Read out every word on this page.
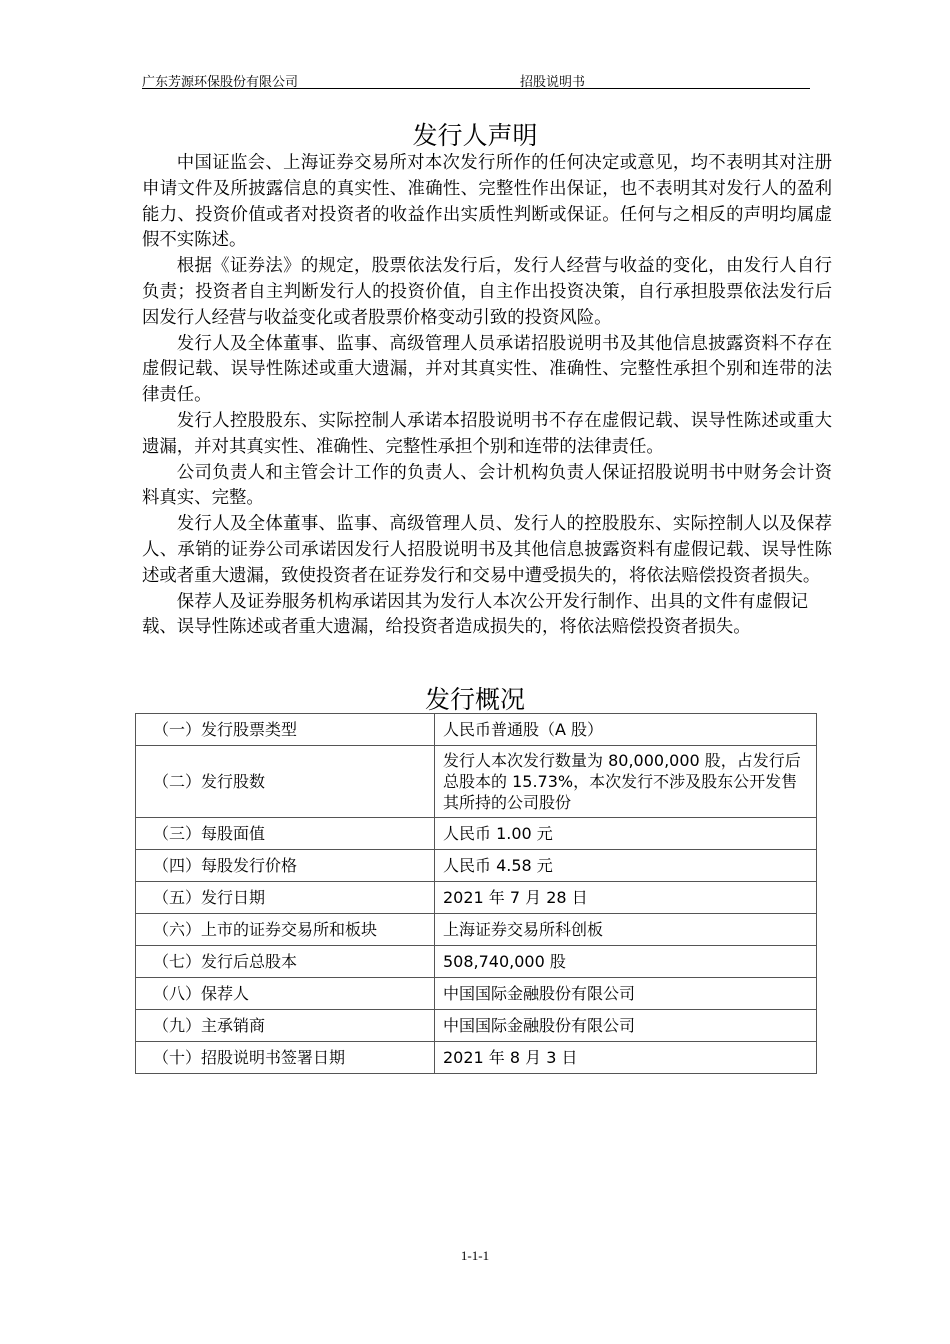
广东芳源环保股份有限公司	招股说明书
发行人声明

中国证监会、上海证券交易所对本次发行所作的任何决定或意见，均不表明其对注册申请文件及所披露信息的真实性、准确性、完整性作出保证，也不表明其对发行人的盈利能力、投资价值或者对投资者的收益作出实质性判断或保证。任何与之相反的声明均属虚假不实陈述。

根据《证券法》的规定，股票依法发行后，发行人经营与收益的变化，由发行人自行负责；投资者自主判断发行人的投资价值，自主作出投资决策，自行承担股票依法发行后因发行人经营与收益变化或者股票价格变动引致的投资风险。

发行人及全体董事、监事、高级管理人员承诺招股说明书及其他信息披露资料不存在虚假记载、误导性陈述或重大遗漏，并对其真实性、准确性、完整性承担个别和连带的法律责任。

发行人控股股东、实际控制人承诺本招股说明书不存在虚假记载、误导性陈述或重大遗漏，并对其真实性、准确性、完整性承担个别和连带的法律责任。

公司负责人和主管会计工作的负责人、会计机构负责人保证招股说明书中财务会计资料真实、完整。

发行人及全体董事、监事、高级管理人员、发行人的控股股东、实际控制人以及保荐人、承销的证券公司承诺因发行人招股说明书及其他信息披露资料有虚假记载、误导性陈述或者重大遗漏，致使投资者在证券发行和交易中遭受损失的，将依法赔偿投资者损失。

保荐人及证券服务机构承诺因其为发行人本次公开发行制作、出具的文件有虚假记载、误导性陈述或者重大遗漏，给投资者造成损失的，将依法赔偿投资者损失。

发行概况
（一）发行股票类型	人民币普通股（A 股）
（二）发行股数	发行人本次发行数量为 80,000,000 股，占发行后总股本的 15.73%，本次发行不涉及股东公开发售其所持的公司股份
（三）每股面值	人民币 1.00 元
（四）每股发行价格	人民币 4.58 元
（五）发行日期	2021 年 7 月 28 日
（六）上市的证券交易所和板块	上海证券交易所科创板
（七）发行后总股本	508,740,000 股
（八）保荐人	中国国际金融股份有限公司
（九）主承销商	中国国际金融股份有限公司
（十）招股说明书签署日期	2021 年 8 月 3 日
1-1-1
